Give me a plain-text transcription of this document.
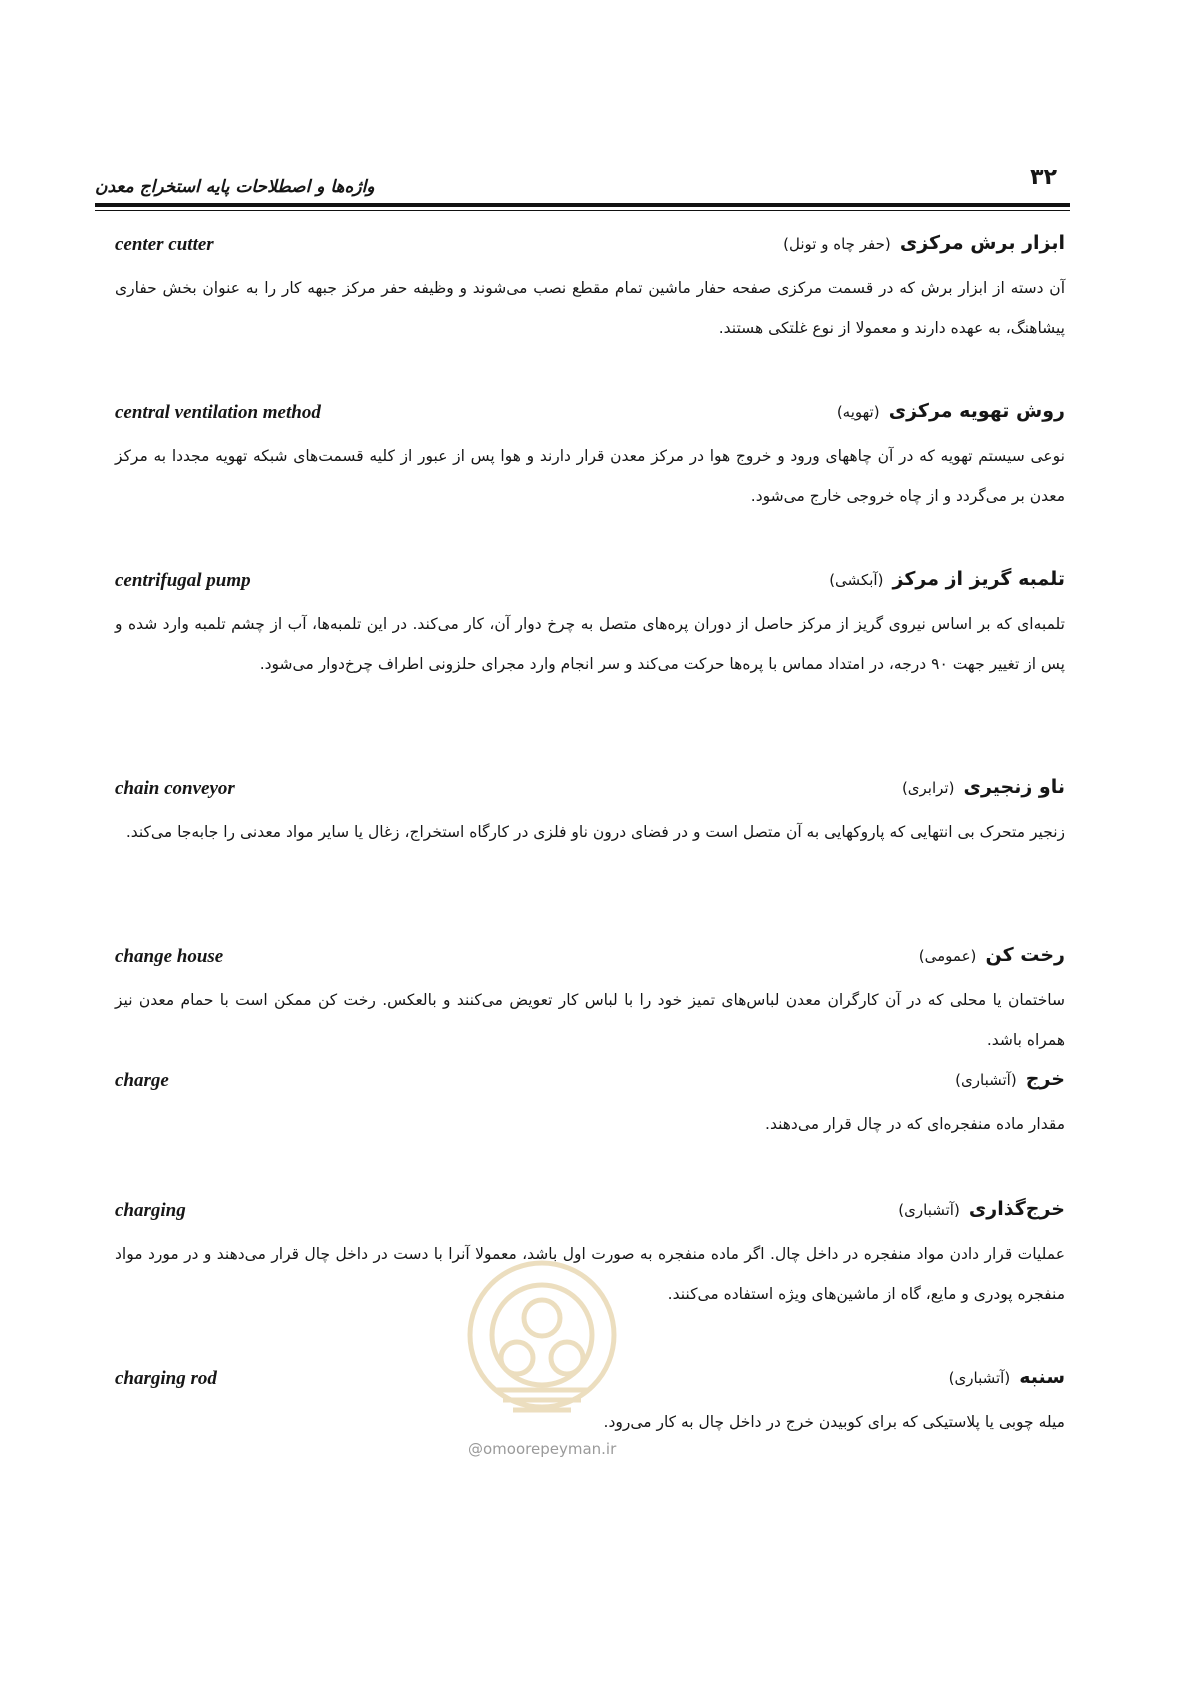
۳۲
واژه‌ها و اصطلاحات پایه استخراج معدن
ابزار برش مرکزی (حفر چاه و تونل)
center cutter

آن دسته از ابزار برش که در قسمت مرکزی صفحه حفار ماشین تمام مقطع نصب می‌شوند و وظیفه حفر مرکز جبهه کار را به عنوان بخش حفاری پیشاهنگ، به عهده دارند و معمولا از نوع غلتکی هستند.

روش تهویه مرکزی (تهویه)
central ventilation method

نوعی سیستم تهویه که در آن چاههای ورود و خروج هوا در مرکز معدن قرار دارند و هوا پس از عبور از کلیه قسمت‌های شبکه تهویه مجددا به مرکز معدن بر می‌گردد و از چاه خروجی خارج می‌شود.

تلمبه گریز از مرکز (آبکشی)
centrifugal pump

تلمبه‌ای که بر اساس نیروی گریز از مرکز حاصل از دوران پره‌های متصل به چرخ دوار آن، کار می‌کند. در این تلمبه‌ها، آب از چشم تلمبه وارد شده و پس از تغییر جهت ۹۰ درجه، در امتداد مماس با پره‌ها حرکت می‌کند و سر انجام وارد مجرای حلزونی اطراف چرخ‌دوار می‌شود.

ناو زنجیری (ترابری)
chain conveyor

زنجیر متحرک بی انتهایی که پاروکهایی به آن متصل است و در فضای درون ناو فلزی در کارگاه استخراج، زغال یا سایر مواد معدنی را جابه‌جا می‌کند.

رخت کن (عمومی)
change house

ساختمان یا محلی که در آن کارگران معدن لباس‌های تمیز خود را با لباس کار تعویض می‌کنند و بالعکس. رخت کن ممکن است با حمام معدن نیز همراه باشد.

خرج (آتشباری)
charge

مقدار ماده منفجره‌ای که در چال قرار می‌دهند.

خرج‌گذاری (آتشباری)
charging

عملیات قرار دادن مواد منفجره در داخل چال. اگر ماده منفجره به صورت اول باشد، معمولا آنرا با دست در داخل چال قرار می‌دهند و در مورد مواد منفجره پودری و مایع، گاه از ماشین‌های ویژه استفاده می‌کنند.

سنبه (آتشباری)
charging rod

میله چوبی یا پلاستیکی که برای کوبیدن خرج در داخل چال به کار می‌رود.

@omoorepeyman.ir
